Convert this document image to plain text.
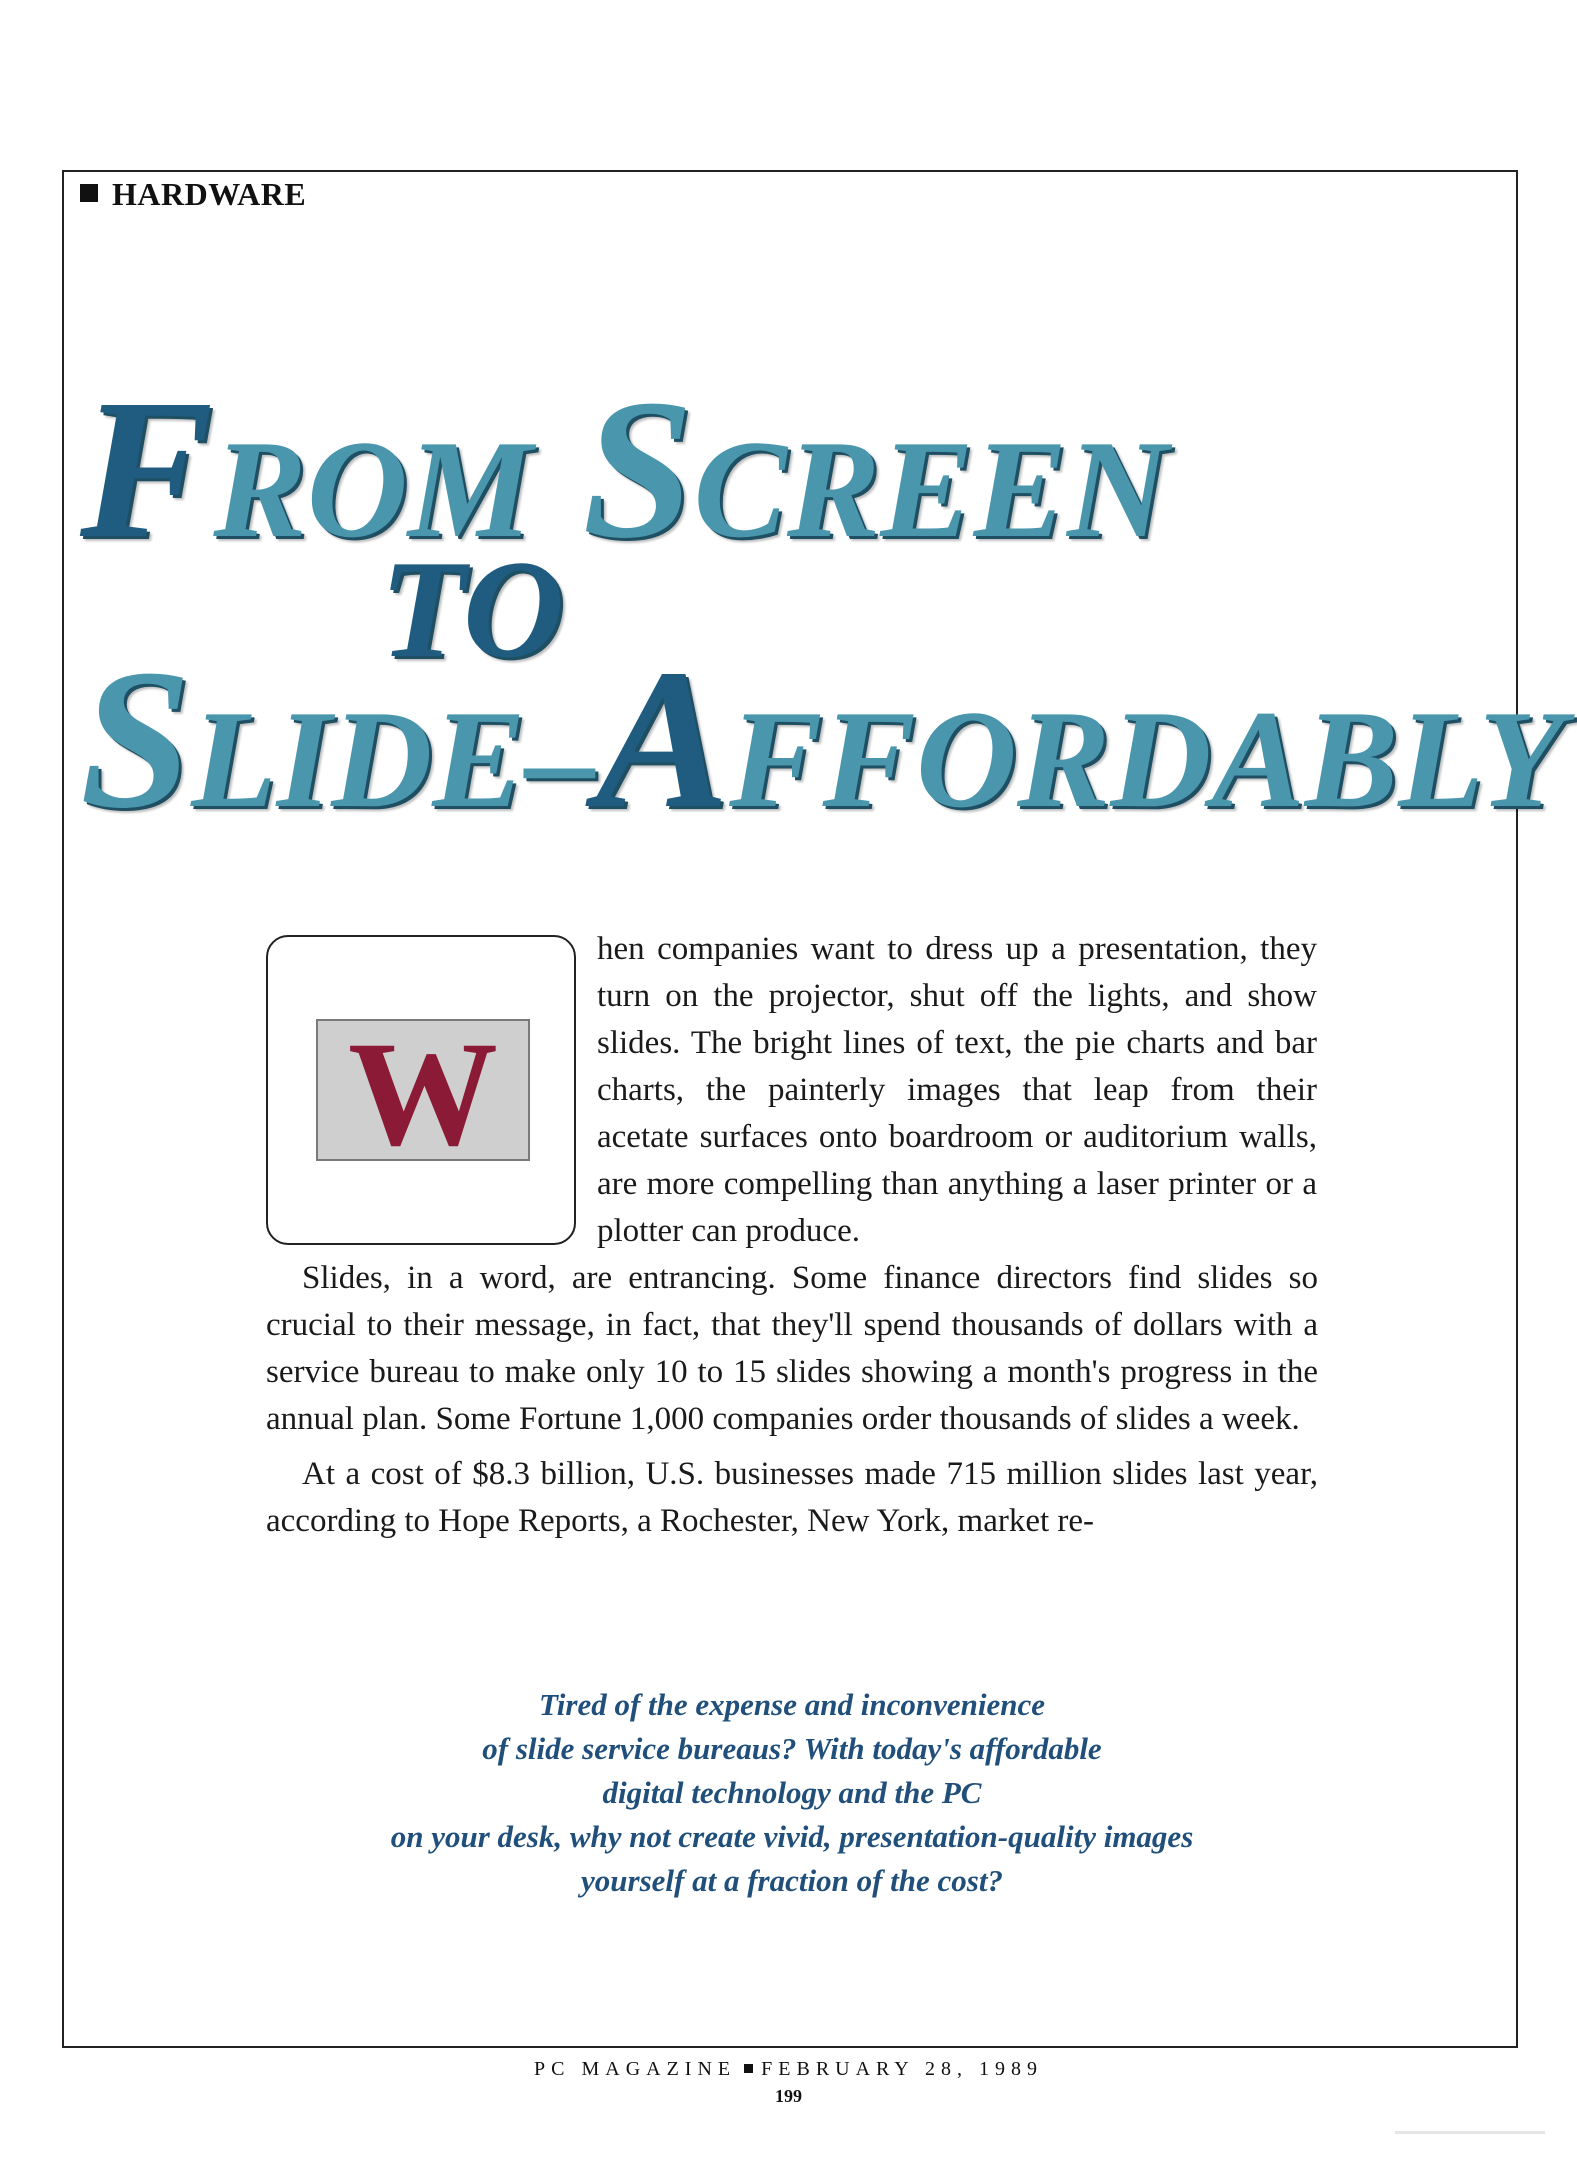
HARDWARE
FROM SCREEN
TO
SLIDE–AFFORDABLY
W
hen companies want to dress up a presentation, they turn on the projector, shut off the lights, and show slides. The bright lines of text, the pie charts and bar charts, the painterly images that leap from their acetate surfaces onto boardroom or auditorium walls, are more compelling than anything a laser printer or a plotter can produce.

Slides, in a word, are entrancing. Some finance directors find slides so crucial to their message, in fact, that they'll spend thousands of dollars with a service bureau to make only 10 to 15 slides showing a month's progress in the annual plan. Some Fortune 1,000 companies order thousands of slides a week.

At a cost of $8.3 billion, U.S. businesses made 715 million slides last year, according to Hope Reports, a Rochester, New York, market re-

Tired of the expense and inconvenience
of slide service bureaus? With today's affordable
digital technology and the PC
on your desk, why not create vivid, presentation-quality images
yourself at a fraction of the cost?
PC MAGAZINE FEBRUARY 28, 1989
199
